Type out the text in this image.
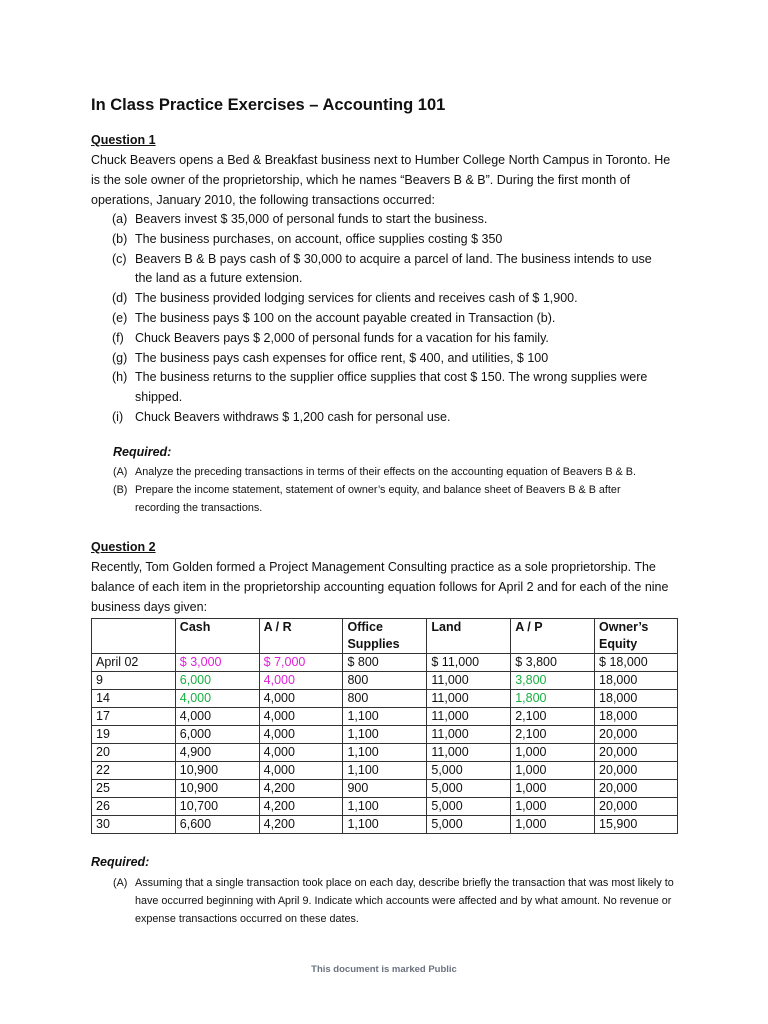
In Class Practice Exercises – Accounting 101
Question 1
Chuck Beavers opens a Bed & Breakfast business next to Humber College North Campus in Toronto. He is the sole owner of the proprietorship, which he names “Beavers B & B”. During the first month of operations, January 2010, the following transactions occurred:
(a) Beavers invest $ 35,000 of personal funds to start the business.
(b) The business purchases, on account, office supplies costing $ 350
(c) Beavers B & B pays cash of $ 30,000 to acquire a parcel of land. The business intends to use the land as a future extension.
(d) The business provided lodging services for clients and receives cash of $ 1,900.
(e) The business pays $ 100 on the account payable created in Transaction (b).
(f) Chuck Beavers pays $ 2,000 of personal funds for a vacation for his family.
(g) The business pays cash expenses for office rent, $ 400, and utilities, $ 100
(h) The business returns to the supplier office supplies that cost $ 150. The wrong supplies were shipped.
(i) Chuck Beavers withdraws $ 1,200 cash for personal use.
Required:
(A) Analyze the preceding transactions in terms of their effects on the accounting equation of Beavers B & B.
(B) Prepare the income statement, statement of owner’s equity, and balance sheet of Beavers B & B after recording the transactions.
Question 2
Recently, Tom Golden formed a Project Management Consulting practice as a sole proprietorship. The balance of each item in the proprietorship accounting equation follows for April 2 and for each of the nine business days given:
	Cash	A / R	Office Supplies	Land	A / P	Owner’s Equity
April 02	$ 3,000	$ 7,000	$ 800	$ 11,000	$ 3,800	$ 18,000
9	6,000	4,000	800	11,000	3,800	18,000
14	4,000	4,000	800	11,000	1,800	18,000
17	4,000	4,000	1,100	11,000	2,100	18,000
19	6,000	4,000	1,100	11,000	2,100	20,000
20	4,900	4,000	1,100	11,000	1,000	20,000
22	10,900	4,000	1,100	5,000	1,000	20,000
25	10,900	4,200	900	5,000	1,000	20,000
26	10,700	4,200	1,100	5,000	1,000	20,000
30	6,600	4,200	1,100	5,000	1,000	15,900
Required:
(A) Assuming that a single transaction took place on each day, describe briefly the transaction that was most likely to have occurred beginning with April 9. Indicate which accounts were affected and by what amount. No revenue or expense transactions occurred on these dates.
This document is marked Public
